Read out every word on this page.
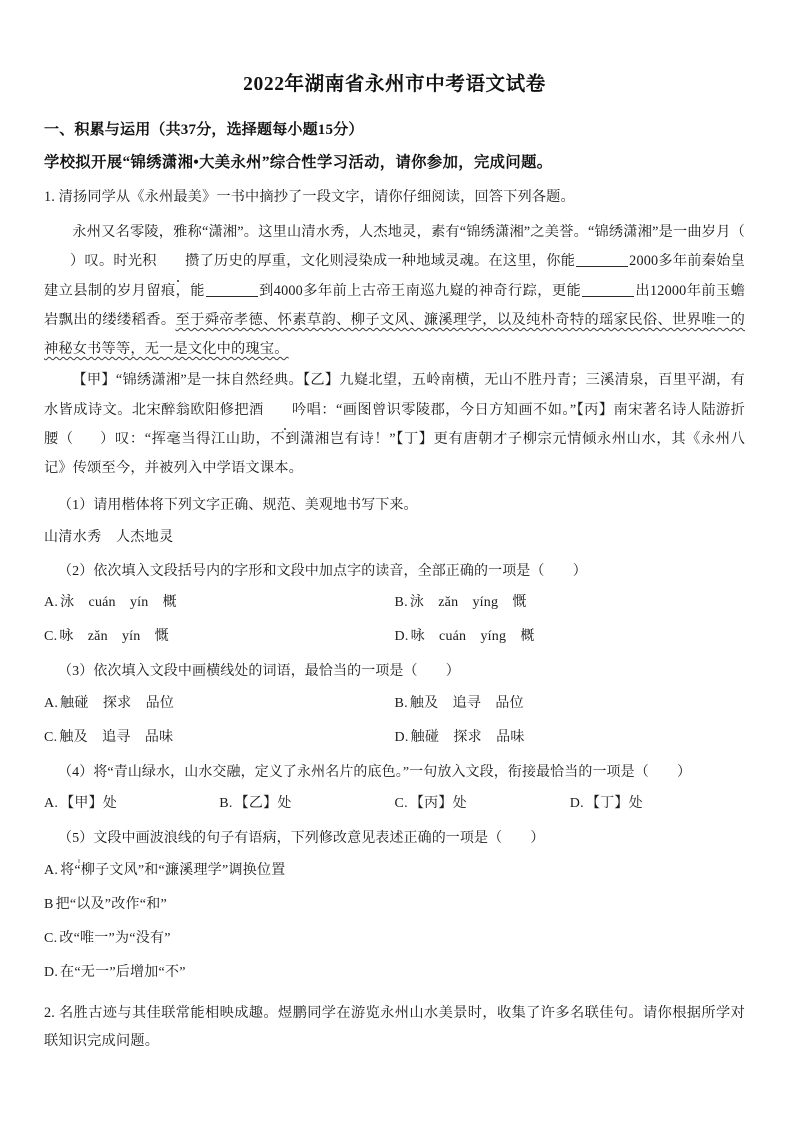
2022年湖南省永州市中考语文试卷
一、积累与运用（共37分，选择题每小题15分）
学校拟开展“锦绣潇湘•大美永州”综合性学习活动，请你参加，完成问题。
1. 清扬同学从《永州最美》一书中摘抄了一段文字，请你仔细阅读，回答下列各题。

永州又名零陵，雅称“潇湘”。这里山清水秀，人杰地灵，素有“锦绣潇湘”之美誉。“锦绣潇湘”是一曲岁月（）叹。时光积 攒了历史的厚重，文化则浸染成一种地域灵魂。在这里，你能	2000多年前秦始皇建立县制的岁月留痕，能	到4000多年前上古帝王南巡九嶷的神奇行踪，更能	出12000年前玉蟾岩飘出的缕缕稻香。至于舜帝孝德、怀素草韵、柳子文风、濂溪理学，以及纯朴奇特的瑶家民俗、世界唯一的神秘女书等等，无一是文化中的瑰宝。

【甲】“锦绣潇湘”是一抹自然经典。【乙】九嶷北望，五岭南横，无山不胜丹青；三溪清泉，百里平湖，有水皆成诗文。北宋醉翁欧阳修把酒 吟唱：“画图曾识零陵郡，今日方知画不如。”【丙】南宋著名诗人陆游折腰（ ）叹：“挥毫当得江山助，不到潇湘岂有诗！”【丁】更有唐朝才子柳宗元情倾永州山水，其《永州八记》传颂至今，并被列入中学语文课本。

（1）请用楷体将下列文字正确、规范、美观地书写下来。
山清水秀　人杰地灵
（2）依次填入文段括号内的字形和文段中加点字的读音，全部正确的一项是（　　）
A. 泳　cuán　yín　概	B. 泳　zǎn　yíng　慨
C. 咏　zǎn　yín　慨	D. 咏　cuán　yíng　概
（3）依次填入文段中画横线处的词语，最恰当的一项是（　　）
A. 触碰　探求　品位	B. 触及　追寻　品位
C. 触及　追寻　品味	D. 触碰　探求　品味
（4）将“青山绿水，山水交融，定义了永州名片的底色。”一句放入文段，衔接最恰当的一项是（　　）
A. 【甲】处	B. 【乙】处	C. 【丙】处	D. 【丁】处
（5）文段中画波浪线的句子有语病，下列修改意见表述正确的一项是（　　）
A. 将“柳子文风”和“濂溪理学”调换位置
B 把“以及”改作“和”
C. 改“唯一”为“没有”
D. 在“无一”后增加“不”
2. 名胜古迹与其佳联常能相映成趣。煜鹏同学在游览永州山水美景时，收集了许多名联佳句。请你根据所学对联知识完成问题。
